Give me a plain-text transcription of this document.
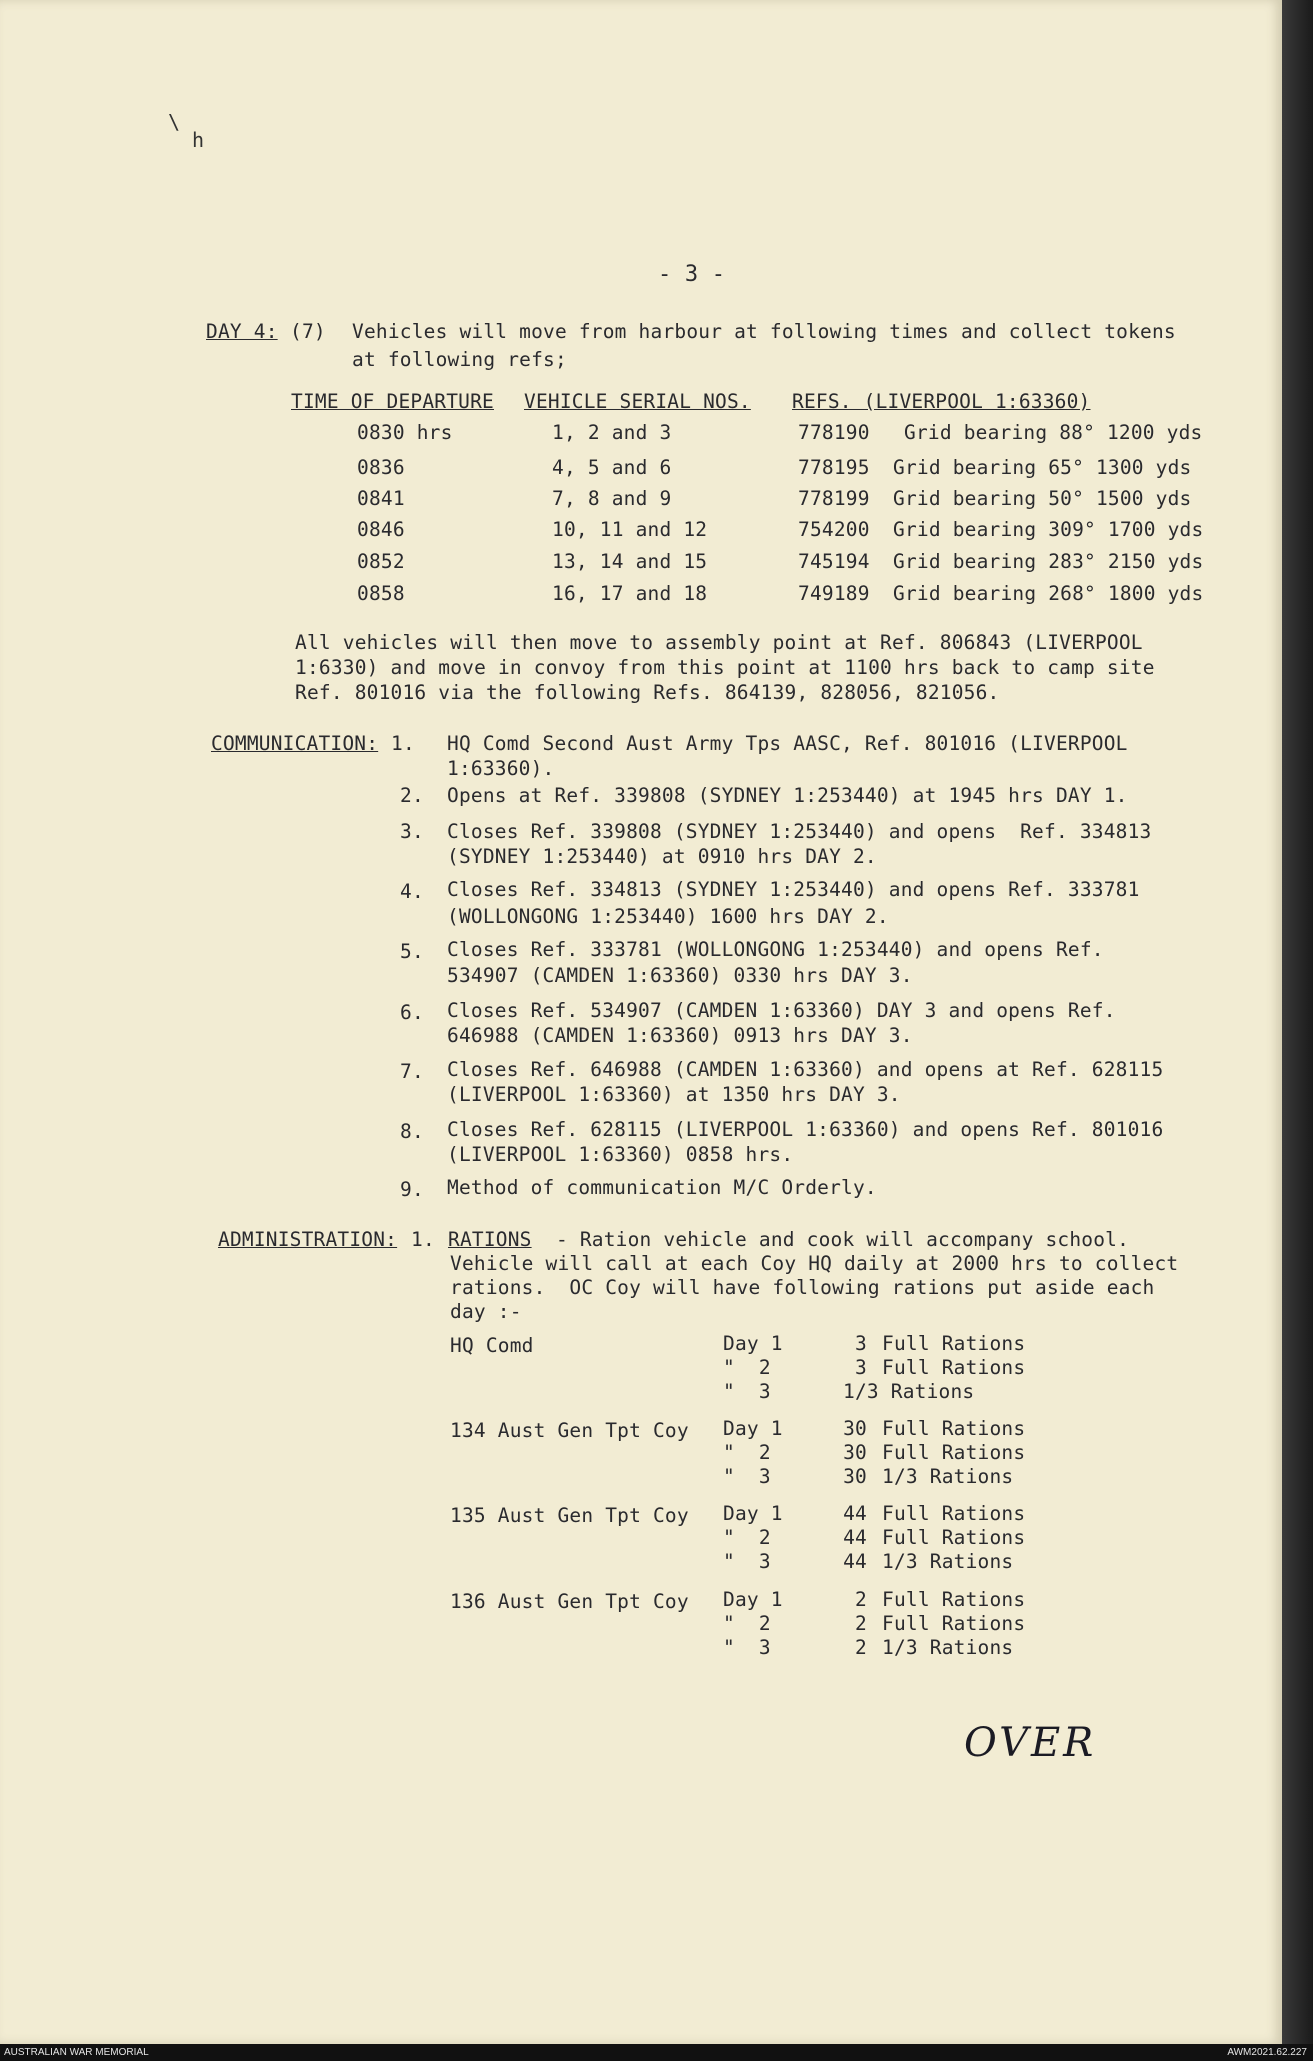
\
h
- 3 -
DAY 4: (7) Vehicles will move from harbour at following times and collect tokens
at following refs;
TIME OF DEPARTURE VEHICLE SERIAL NOS. REFS. (LIVERPOOL 1:63360)
0830 hrs	1, 2 and 3	778190 Grid bearing 88° 1200 yds
0836	4, 5 and 6	778195 Grid bearing 65° 1300 yds
0841	7, 8 and 9	778199 Grid bearing 50° 1500 yds
0846	10, 11 and 12	754200 Grid bearing 309° 1700 yds
0852	13, 14 and 15	745194 Grid bearing 283° 2150 yds
0858	16, 17 and 18	749189 Grid bearing 268° 1800 yds
All vehicles will then move to assembly point at Ref. 806843 (LIVERPOOL
1:6330) and move in convoy from this point at 1100 hrs back to camp site
Ref. 801016 via the following Refs. 864139, 828056, 821056.
COMMUNICATION: 1. HQ Comd Second Aust Army Tps AASC, Ref. 801016 (LIVERPOOL
1:63360).
2. Opens at Ref. 339808 (SYDNEY 1:253440) at 1945 hrs DAY 1.
3. Closes Ref. 339808 (SYDNEY 1:253440) and opens  Ref. 334813
(SYDNEY 1:253440) at 0910 hrs DAY 2.
4. Closes Ref. 334813 (SYDNEY 1:253440) and opens Ref. 333781
(WOLLONGONG 1:253440) 1600 hrs DAY 2.
5. Closes Ref. 333781 (WOLLONGONG 1:253440) and opens Ref.
534907 (CAMDEN 1:63360) 0330 hrs DAY 3.
6. Closes Ref. 534907 (CAMDEN 1:63360) DAY 3 and opens Ref.
646988 (CAMDEN 1:63360) 0913 hrs DAY 3.
7. Closes Ref. 646988 (CAMDEN 1:63360) and opens at Ref. 628115
(LIVERPOOL 1:63360) at 1350 hrs DAY 3.
8. Closes Ref. 628115 (LIVERPOOL 1:63360) and opens Ref. 801016
(LIVERPOOL 1:63360) 0858 hrs.
9. Method of communication M/C Orderly.
ADMINISTRATION: 1. RATIONS - Ration vehicle and cook will accompany school.
Vehicle will call at each Coy HQ daily at 2000 hrs to collect
rations.  OC Coy will have following rations put aside each
day :-
HQ Comd	Day 1	3 Full Rations
"  2	3 Full Rations
"  3	1/3 Rations
134 Aust Gen Tpt Coy Day 1	30 Full Rations
"  2	30 Full Rations
"  3	30 1/3 Rations
135 Aust Gen Tpt Coy Day 1	44 Full Rations
"  2	44 Full Rations
"  3	44 1/3 Rations
136 Aust Gen Tpt Coy Day 1	2 Full Rations
"  2	2 Full Rations
"  3	2 1/3 Rations
OVER
AUSTRALIAN WAR MEMORIAL	AWM2021.62.227
